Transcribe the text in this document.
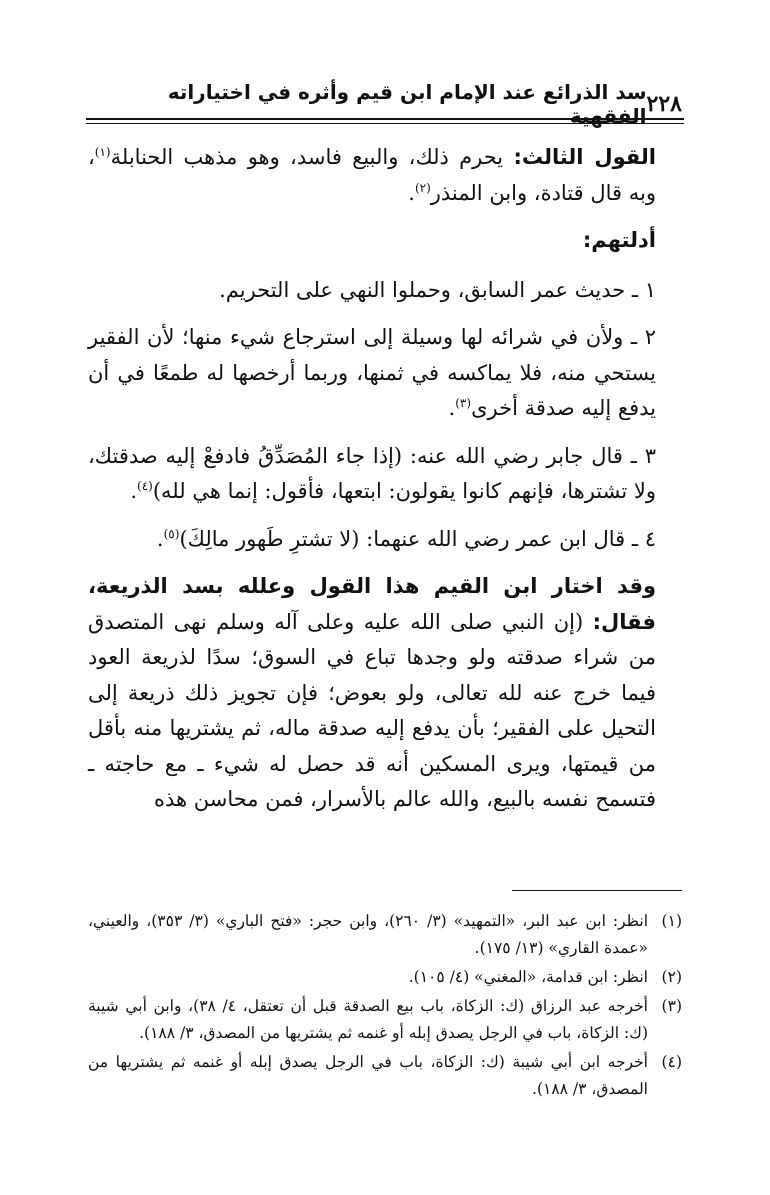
٢٢٨
سد الذرائع عند الإمام ابن قيم وأثره في اختياراته الفقهية

القول الثالث: يحرم ذلك، والبيع فاسد، وهو مذهب الحنابلة$^{(١)}$، وبه قال قتادة، وابن المنذر$^{(٢)}$.

أدلتهم:

١ ـ حديث عمر السابق، وحملوا النهي على التحريم.

٢ ـ ولأن في شرائه لها وسيلة إلى استرجاع شيء منها؛ لأن الفقير يستحي منه، فلا يماكسه في ثمنها، وربما أرخصها له طمعًا في أن يدفع إليه صدقة أخرى$^{(٣)}$.

٣ ـ قال جابر رضي الله عنه: (إذا جاء المُصَدِّقُ فادفعْ إليه صدقتك، ولا تشترها، فإنهم كانوا يقولون: ابتعها، فأقول: إنما هي لله)$^{(٤)}$.

٤ ـ قال ابن عمر رضي الله عنهما: (لا تشترِ طَهور مالِكَ)$^{(٥)}$.

وقد اختار ابن القيم هذا القول وعلله بسد الذريعة، فقال: (إن النبي صلى الله عليه وعلى آله وسلم نهى المتصدق من شراء صدقته ولو وجدها تباع في السوق؛ سدًا لذريعة العود فيما خرج عنه لله تعالى، ولو بعوض؛ فإن تجويز ذلك ذريعة إلى التحيل على الفقير؛ بأن يدفع إليه صدقة ماله، ثم يشتريها منه بأقل من قيمتها، ويرى المسكين أنه قد حصل له شيء ـ مع حاجته ـ فتسمح نفسه بالبيع، والله عالم بالأسرار، فمن محاسن هذه

(١)
انظر: ابن عبد البر، «التمهيد» (٣/ ٢٦٠)، وابن حجر: «فتح الباري» (٣/ ٣٥٣)، والعيني، «عمدة القاري» (١٣/ ١٧٥).
(٢)
انظر: ابن قدامة، «المغني» (٤/ ١٠٥).
(٣)
أخرجه عبد الرزاق (ك: الزكاة، باب بيع الصدقة قبل أن تعتقل، ٤/ ٣٨)، وابن أبي شيبة (ك: الزكاة، باب في الرجل يصدق إبله أو غنمه ثم يشتريها من المصدق، ٣/ ١٨٨).
(٤)
أخرجه ابن أبي شيبة (ك: الزكاة، باب في الرجل يصدق إبله أو غنمه ثم يشتريها من المصدق، ٣/ ١٨٨).
